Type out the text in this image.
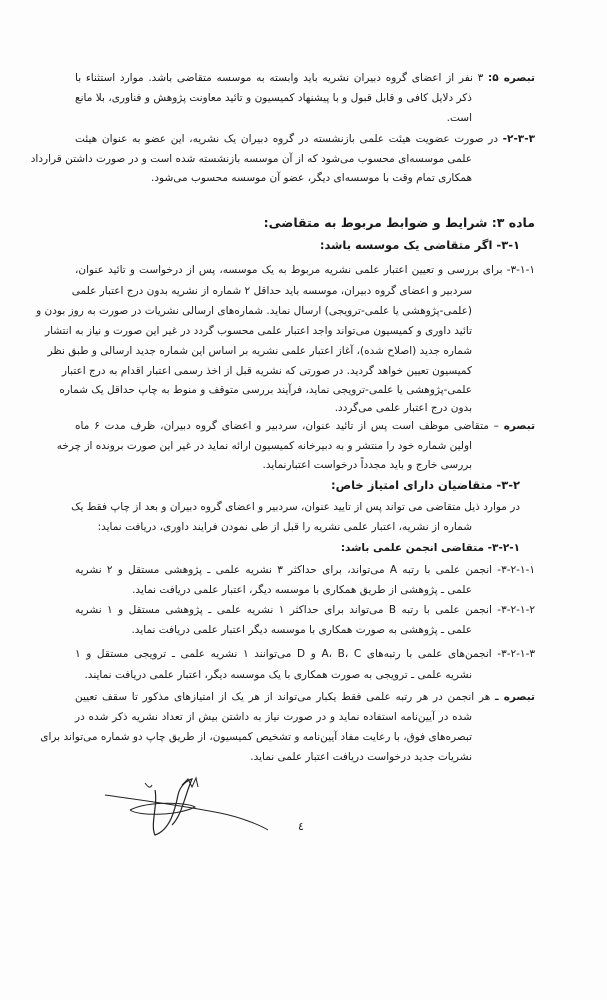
تبصره ۵: ۳ نفر از اعضای گروه دبیران نشریه باید وابسته به موسسه متقاضی باشد. موارد استثناء با
ذکر دلایل کافی و قابل قبول و با پیشنهاد کمیسیون و تائید معاونت پژوهش و فناوری، بلا مانع
است.
۲-۳-۳- در صورت عضویت هیئت علمی بازنشسته در گروه دبیران یک نشریه، این عضو به عنوان هیئت
علمی موسسه‌ای محسوب می‌شود که از آن موسسه بازنشسته شده است و در صورت داشتن قرارداد
همکاری تمام وقت با موسسه‌ای دیگر، عضو آن موسسه محسوب می‌شود.
ماده ۳: شرایط و ضوابط مربوط به متقاضی:
۳-۱- اگر متقاضی یک موسسه باشد:
۳-۱-۱- برای بررسی و تعیین اعتبار علمی نشریه مربوط به یک موسسه، پس از درخواست و تائید عنوان،
سردبیر و اعضای گروه دبیران، موسسه باید حداقل ۲ شماره از نشریه بدون درج اعتبار علمی
(علمی-پژوهشی یا علمی-ترویجی) ارسال نماید. شماره‌های ارسالی نشریات در صورت به روز بودن و
تائید داوری و کمیسیون می‌تواند واجد اعتبار علمی محسوب گردد در غیر این صورت و نیاز به انتشار
شماره جدید (اصلاح شده)، آغاز اعتبار علمی نشریه بر اساس این شماره جدید ارسالی و طبق نظر
کمیسیون تعیین خواهد گردید. در صورتی که نشریه قبل از اخذ رسمی اعتبار اقدام به درج اعتبار
علمی-پژوهشی یا علمی-ترویجی نماید، فرآیند بررسی متوقف و منوط به چاپ حداقل یک شماره
بدون درج اعتبار علمی می‌گردد.
تبصره – متقاضی موظف است پس از تائید عنوان، سردبیر و اعضای گروه دبیران، ظرف مدت ۶ ماه
اولین شماره خود را منتشر و به دبیرخانه کمیسیون ارائه نماید در غیر این صورت برونده از چرخه
بررسی خارج و باید مجدداً درخواست اعتبارنماید.
۳-۲- متقاضیان دارای امتیاز خاص:
در موارد ذیل متقاضی می تواند پس از تایید عنوان، سردبیر و اعضای گروه دبیران و بعد از چاپ فقط یک
شماره از نشریه، اعتبار علمی نشریه را قبل از طی نمودن فرایند داوری، دریافت نماید:
۳-۲-۱- متقاضی انجمن علمی باشد:
۳-۲-۱-۱- انجمن علمی با رتبه A می‌تواند، برای حداکثر ۳ نشریه علمی ـ پژوهشی مستقل و ۲ نشریه
علمی ـ پژوهشی از طریق همکاری با موسسه دیگر، اعتبار علمی دریافت نماید.
۳-۲-۱-۲- انجمن علمی با رتبه B می‌تواند برای حداکثر ۱ نشریه علمی ـ پژوهشی مستقل و ۱ نشریه
علمی ـ پژوهشی به صورت همکاری با موسسه دیگر اعتبار علمی دریافت نماید.
۳-۲-۱-۳- انجمن‌های علمی با رتبه‌های A، B، C و D می‌توانند ۱ نشریه علمی ـ ترویجی مستقل و ۱
نشریه علمی ـ ترویجی به صورت همکاری با یک موسسه دیگر، اعتبار علمی دریافت نمایند.
تبصره ـ هر انجمن در هر رتبه علمی فقط یکبار می‌تواند از هر یک از امتیازهای مذکور تا سقف تعیین
شده در آیین‌نامه استفاده نماید و در صورت نیاز به داشتن بیش از تعداد نشریه ذکر شده در
تبصره‌های فوق، با رعایت مفاد آیین‌نامه و تشخیص کمیسیون، از طریق چاپ دو شماره می‌تواند برای
نشریات جدید درخواست دریافت اعتبار علمی نماید.
٤
